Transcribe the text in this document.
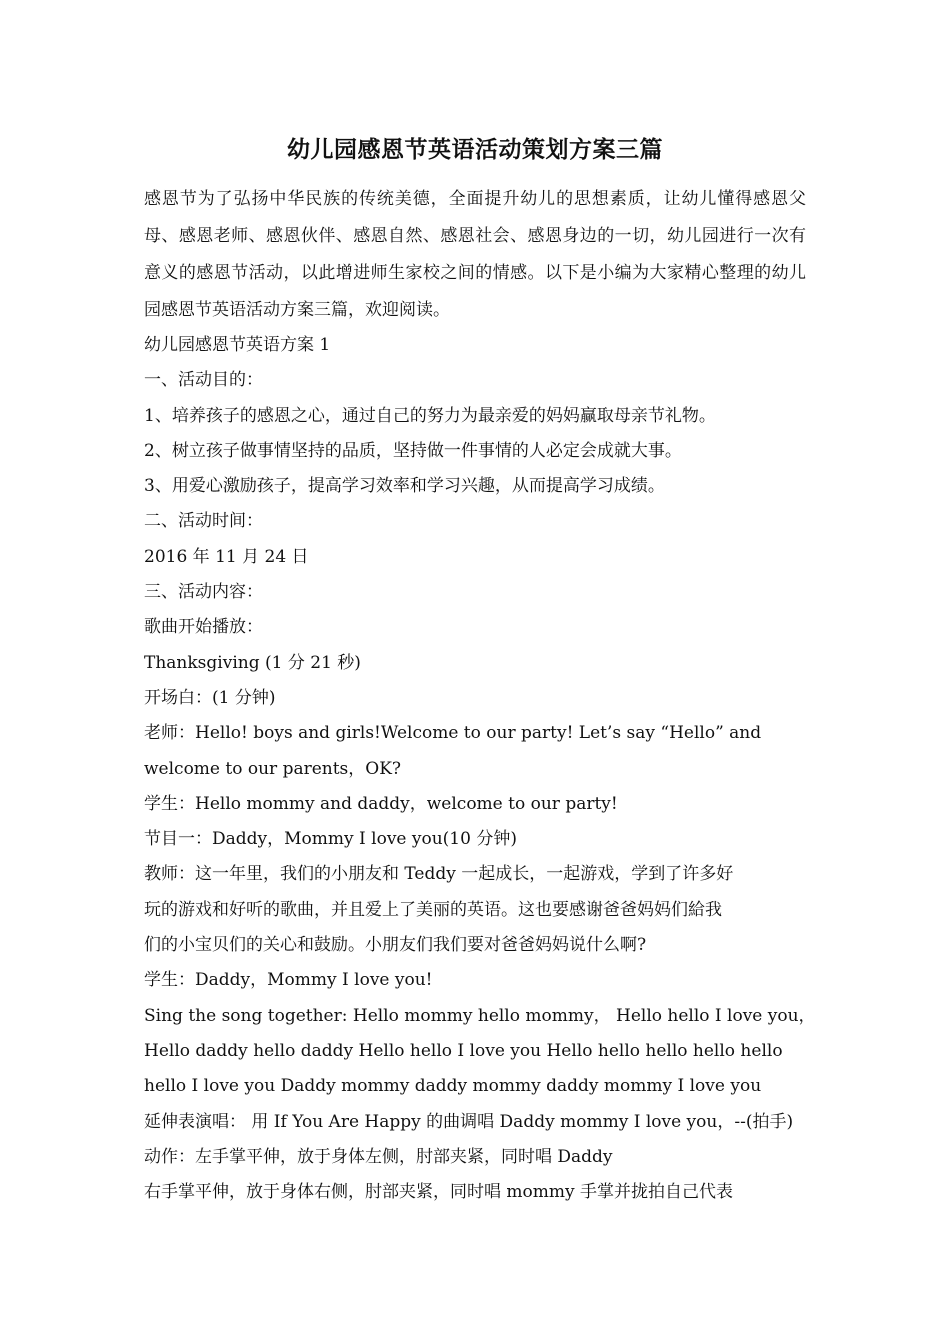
幼儿园感恩节英语活动策划方案三篇
感恩节为了弘扬中华民族的传统美德，全面提升幼儿的思想素质，让幼儿懂得感恩父母、感恩老师、感恩伙伴、感恩自然、感恩社会、感恩身边的一切，幼儿园进行一次有意义的感恩节活动，以此增进师生家校之间的情感。以下是小编为大家精心整理的幼儿园感恩节英语活动方案三篇，欢迎阅读。
幼儿园感恩节英语方案 1
一、活动目的：
1、培养孩子的感恩之心，通过自己的努力为最亲爱的妈妈赢取母亲节礼物。
2、树立孩子做事情坚持的品质，坚持做一件事情的人必定会成就大事。
3、用爱心激励孩子，提高学习效率和学习兴趣，从而提高学习成绩。
二、活动时间：
2016 年 11 月 24 日
三、活动内容：
歌曲开始播放：
Thanksgiving (1 分 21 秒)
开场白：(1 分钟)
老师：Hello! boys and girls!Welcome to our party! Let’s say “Hello” and
welcome to our parents，OK?
学生：Hello mommy and daddy，welcome to our party!
节目一：Daddy，Mommy I love you(10 分钟)
教师：这一年里，我们的小朋友和 Teddy 一起成长，一起游戏，学到了许多好
玩的游戏和好听的歌曲，并且爱上了美丽的英语。这也要感谢爸爸妈妈们給我
们的小宝贝们的关心和鼓励。小朋友们我们要对爸爸妈妈说什么啊?
学生：Daddy，Mommy I love you!
Sing the song together: Hello mommy hello mommy， Hello hello I love you，
Hello daddy hello daddy Hello hello I love you Hello hello hello hello hello
hello I love you Daddy mommy daddy mommy daddy mommy I love you
延伸表演唱： 用 If You Are Happy 的曲调唱 Daddy mommy I love you，--(拍手)
动作：左手掌平伸，放于身体左侧，肘部夹紧，同时唱 Daddy
右手掌平伸，放于身体右侧，肘部夹紧，同时唱 mommy 手掌并拢拍自己代表
